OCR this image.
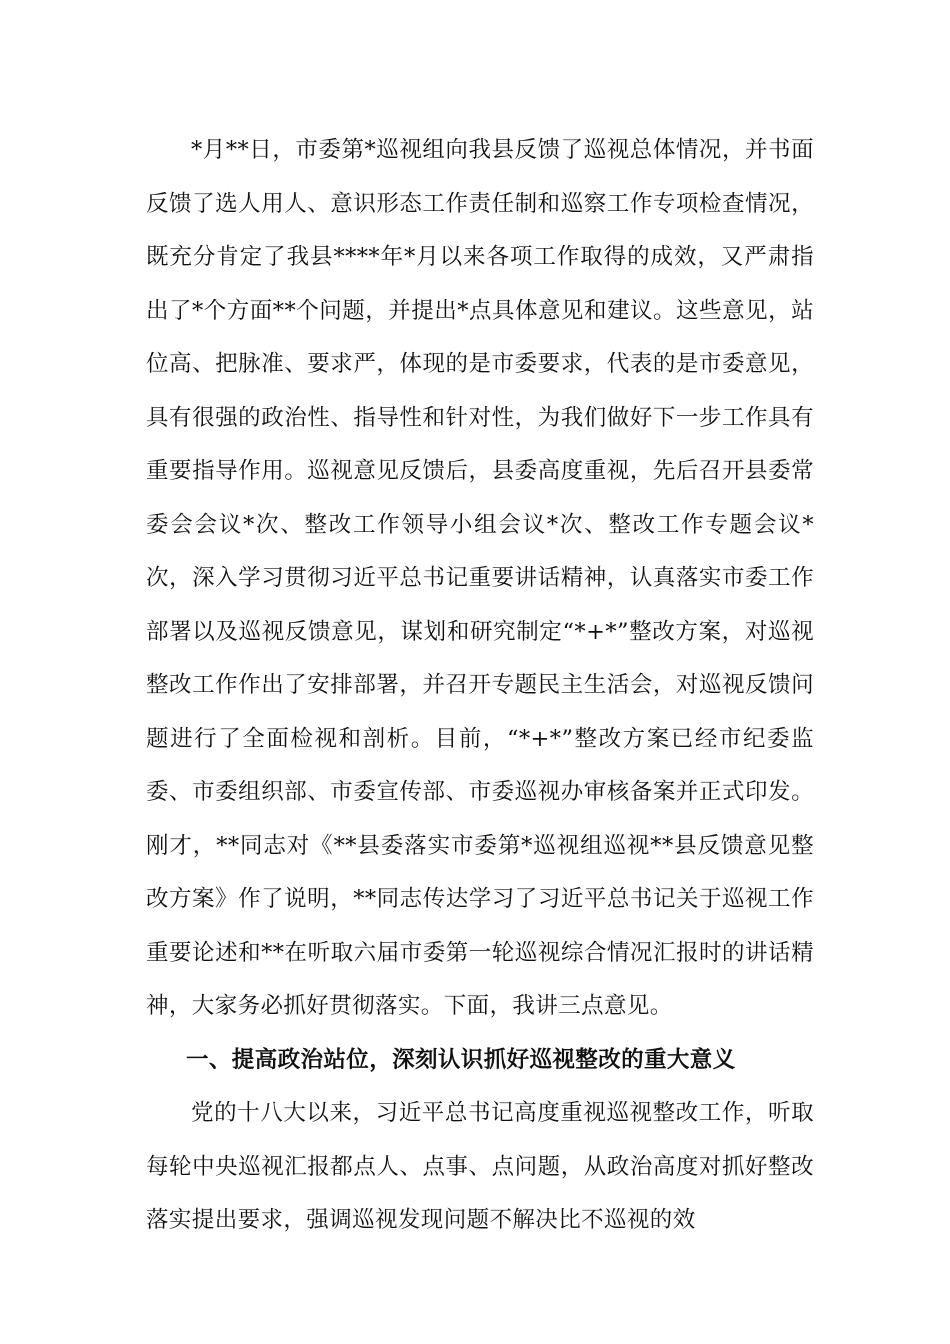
*月**日，市委第*巡视组向我县反馈了巡视总体情况，并书面反馈了选人用人、意识形态工作责任制和巡察工作专项检查情况，既充分肯定了我县****年*月以来各项工作取得的成效，又严肃指出了*个方面**个问题，并提出*点具体意见和建议。这些意见，站位高、把脉准、要求严，体现的是市委要求，代表的是市委意见，具有很强的政治性、指导性和针对性，为我们做好下一步工作具有重要指导作用。巡视意见反馈后，县委高度重视，先后召开县委常委会会议*次、整改工作领导小组会议*次、整改工作专题会议*次，深入学习贯彻习近平总书记重要讲话精神，认真落实市委工作部署以及巡视反馈意见，谋划和研究制定“*+*”整改方案，对巡视整改工作作出了安排部署，并召开专题民主生活会，对巡视反馈问题进行了全面检视和剖析。目前，“*+*”整改方案已经市纪委监委、市委组织部、市委宣传部、市委巡视办审核备案并正式印发。刚才，**同志对《**县委落实市委第*巡视组巡视**县反馈意见整改方案》作了说明，**同志传达学习了习近平总书记关于巡视工作重要论述和**在听取六届市委第一轮巡视综合情况汇报时的讲话精神，大家务必抓好贯彻落实。下面，我讲三点意见。

一、提高政治站位，深刻认识抓好巡视整改的重大意义

党的十八大以来，习近平总书记高度重视巡视整改工作，听取每轮中央巡视汇报都点人、点事、点问题，从政治高度对抓好整改落实提出要求，强调巡视发现问题不解决比不巡视的效
